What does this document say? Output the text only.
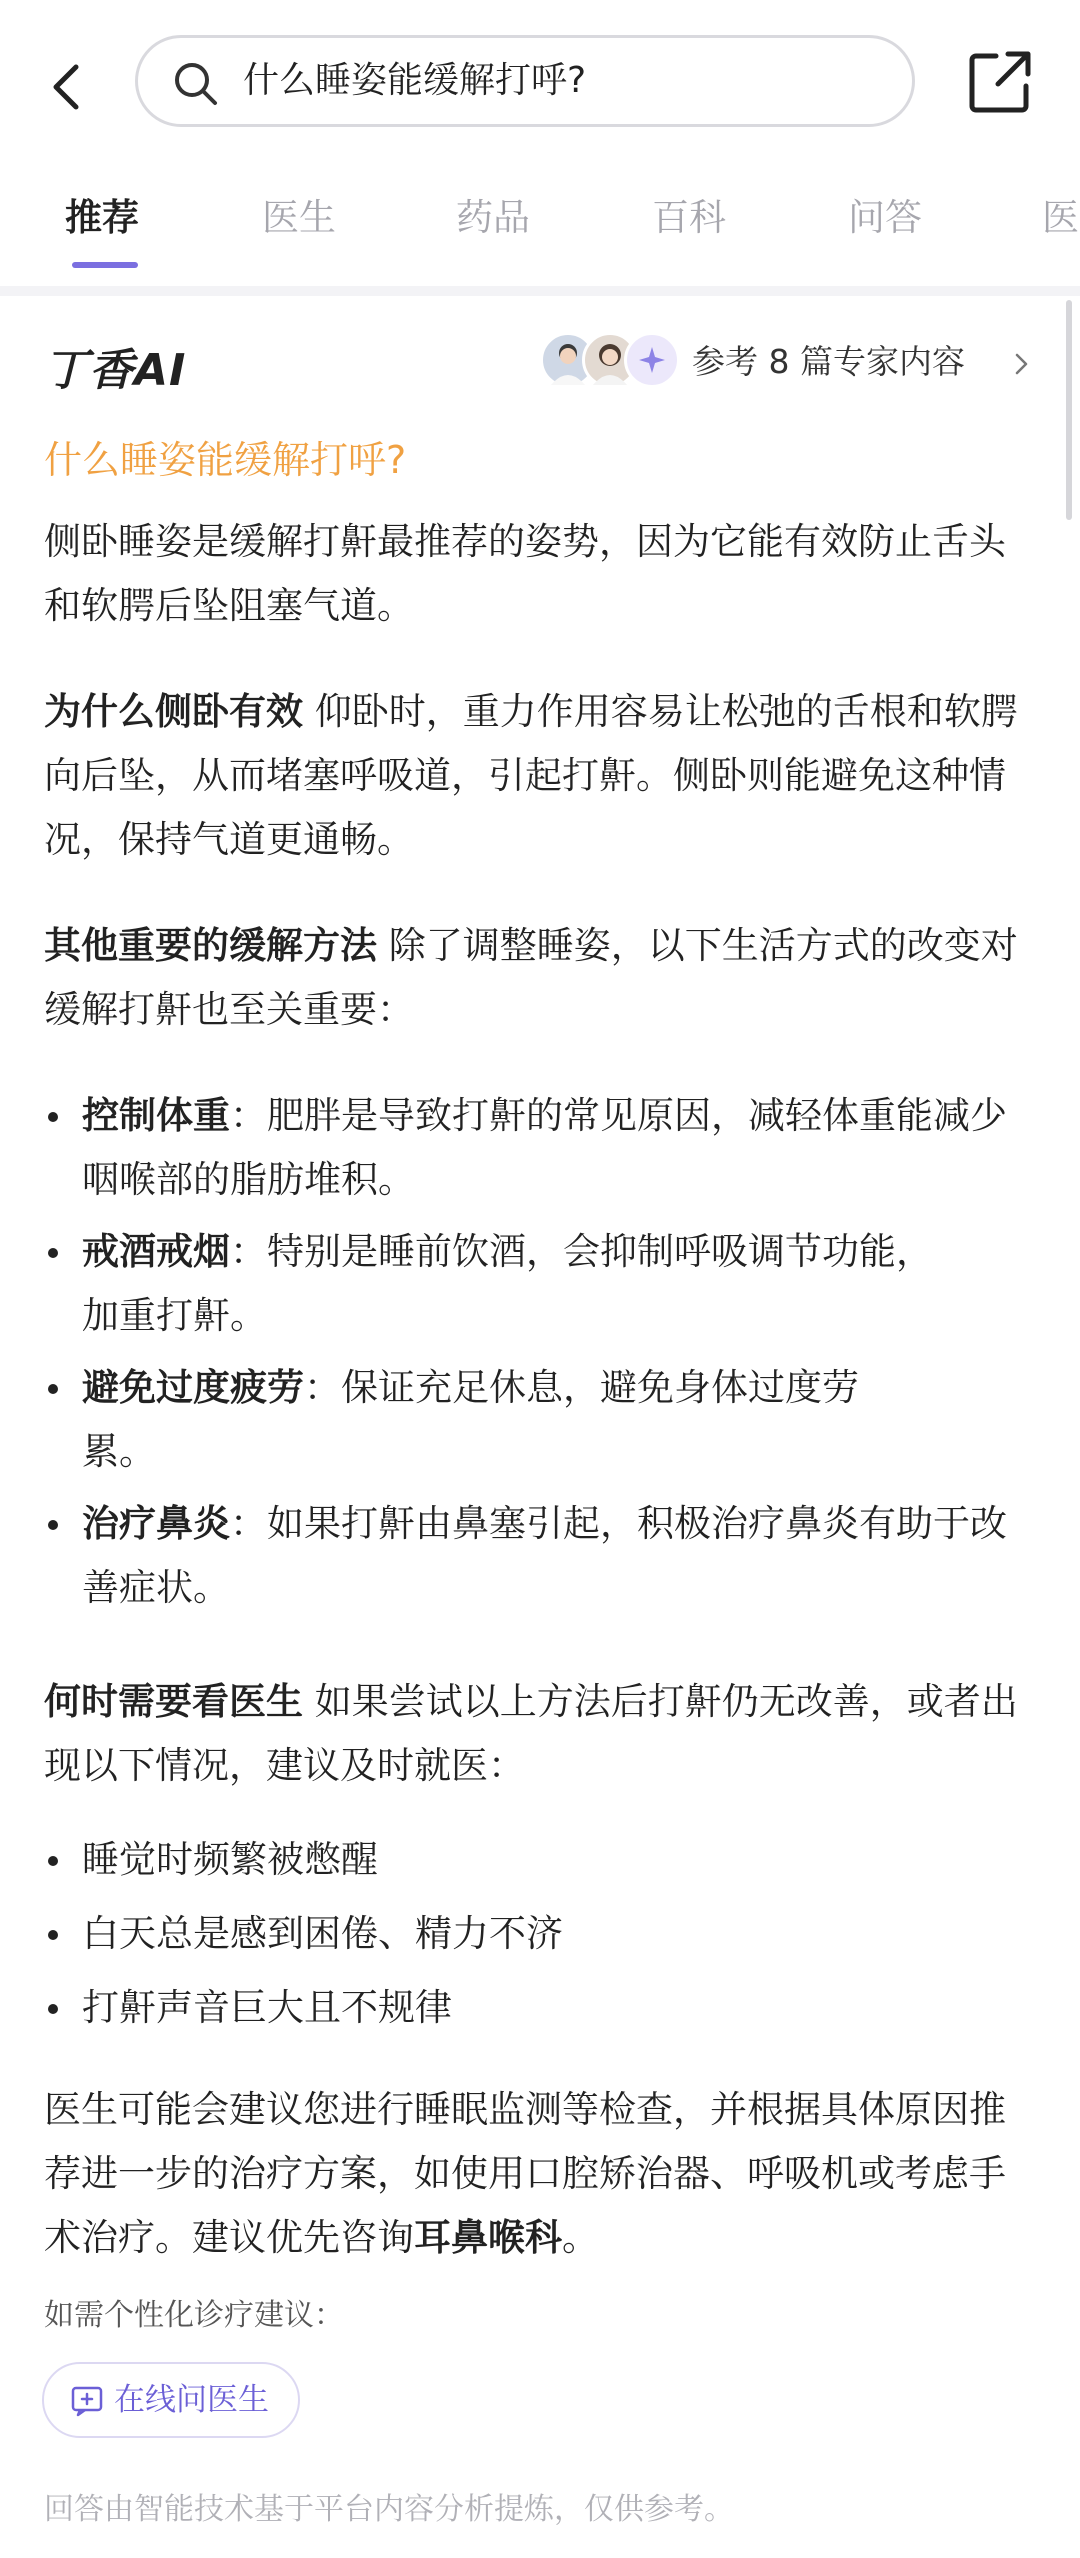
什么睡姿能缓解打呼?
推荐	医生	药品	百科	问答	医
丁香AI	参考 8 篇专家内容
什么睡姿能缓解打呼?

侧卧睡姿是缓解打鼾最推荐的姿势，因为它能有效防止舌头和软腭后坠阻塞气道。

为什么侧卧有效 仰卧时，重力作用容易让松弛的舌根和软腭向后坠，从而堵塞呼吸道，引起打鼾。侧卧则能避免这种情况，保持气道更通畅。

其他重要的缓解方法 除了调整睡姿，以下生活方式的改变对缓解打鼾也至关重要：

控制体重：肥胖是导致打鼾的常见原因，减轻体重能减少咽喉部的脂肪堆积。
戒酒戒烟：特别是睡前饮酒，会抑制呼吸调节功能，加重打鼾。
避免过度疲劳：保证充足休息，避免身体过度劳累。
治疗鼻炎：如果打鼾由鼻塞引起，积极治疗鼻炎有助于改善症状。

何时需要看医生 如果尝试以上方法后打鼾仍无改善，或者出现以下情况，建议及时就医：

睡觉时频繁被憋醒
白天总是感到困倦、精力不济
打鼾声音巨大且不规律

医生可能会建议您进行睡眠监测等检查，并根据具体原因推荐进一步的治疗方案，如使用口腔矫治器、呼吸机或考虑手术治疗。建议优先咨询耳鼻喉科。

如需个性化诊疗建议：
在线问医生
回答由智能技术基于平台内容分析提炼，仅供参考。
